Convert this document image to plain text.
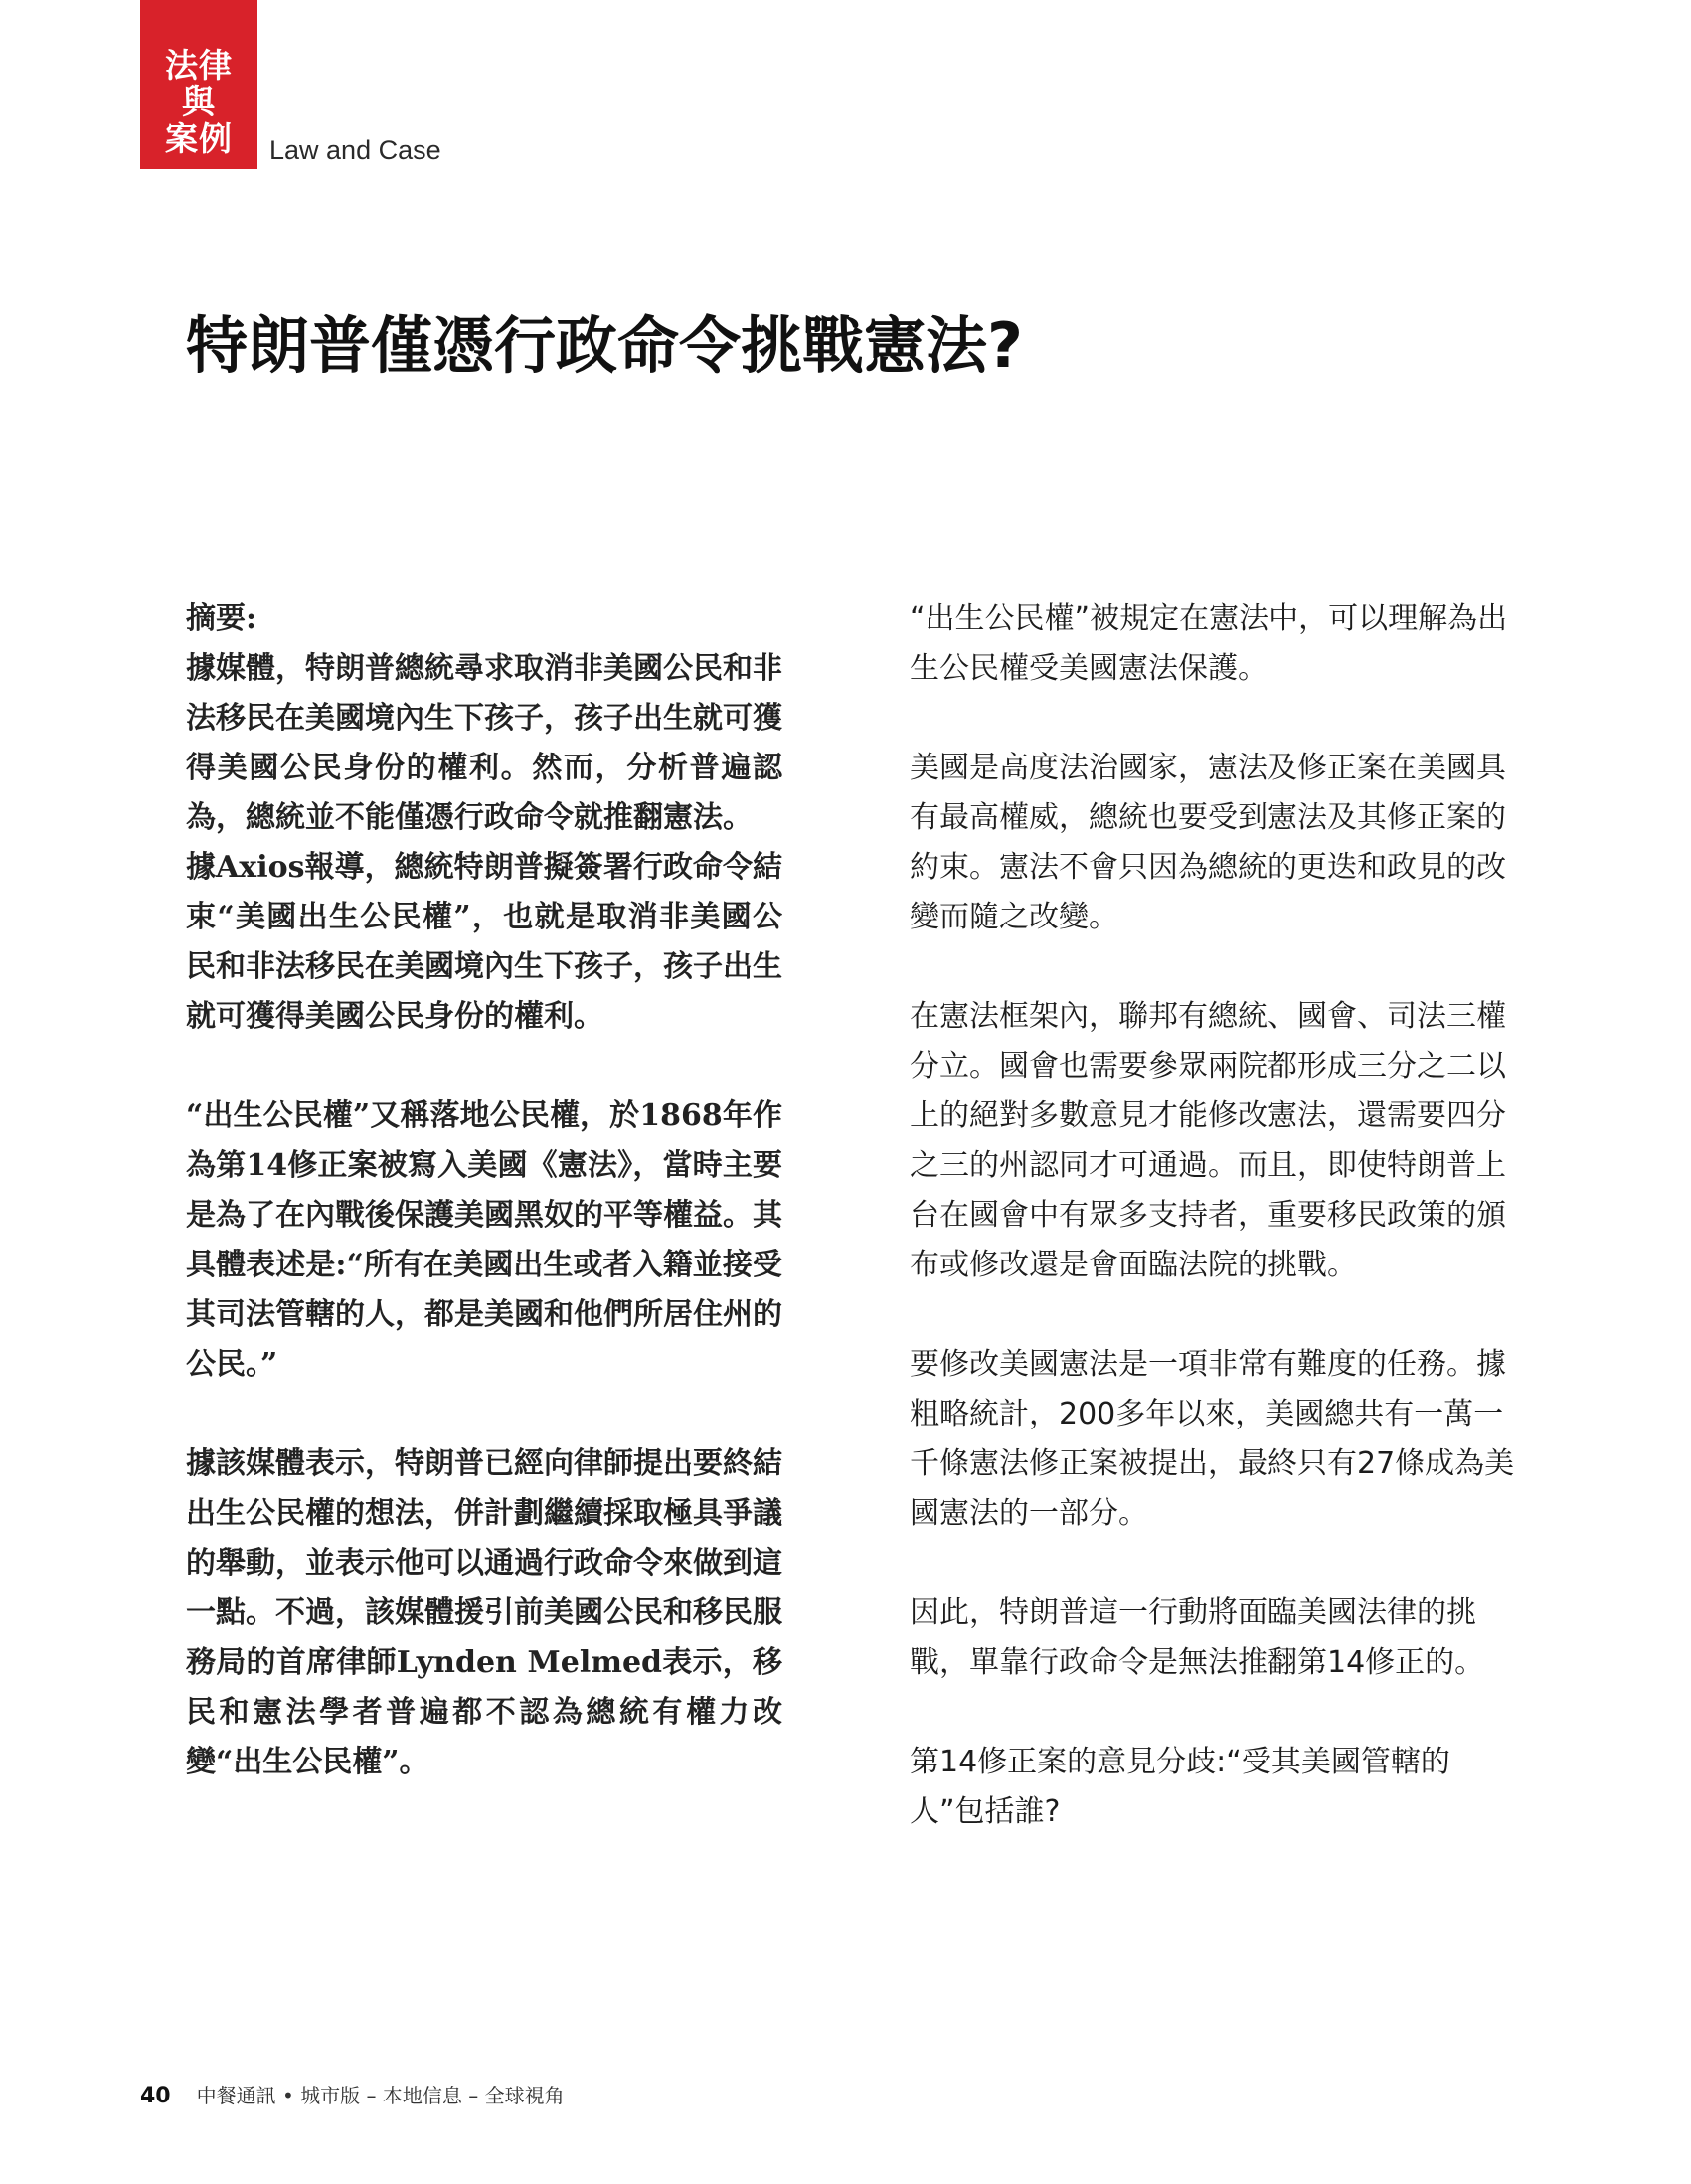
法律
與
案例 Law and Case
特朗普僅憑行政命令挑戰憲法?

摘要:

據媒體，特朗普總統尋求取消非美國公民和非法移民在美國境內生下孩子，孩子出生就可獲得美國公民身份的權利。然而，分析普遍認為，總統並不能僅憑行政命令就推翻憲法。

據Axios報導，總統特朗普擬簽署行政命令結束“美國出生公民權”，也就是取消非美國公民和非法移民在美國境內生下孩子，孩子出生就可獲得美國公民身份的權利。

“出生公民權”又稱落地公民權，於1868年作為第14修正案被寫入美國《憲法》，當時主要是為了在內戰後保護美國黑奴的平等權益。其具體表述是:“所有在美國出生或者入籍並接受其司法管轄的人，都是美國和他們所居住州的公民。”

據該媒體表示，特朗普已經向律師提出要終結出生公民權的想法，併計劃繼續採取極具爭議的舉動，並表示他可以通過行政命令來做到這一點。不過，該媒體援引前美國公民和移民服務局的首席律師Lynden Melmed表示，移民和憲法學者普遍都不認為總統有權力改變“出生公民權”。

“出生公民權”被規定在憲法中，可以理解為出生公民權受美國憲法保護。

美國是高度法治國家，憲法及修正案在美國具有最高權威，總統也要受到憲法及其修正案的約束。憲法不會只因為總統的更迭和政見的改變而隨之改變。

在憲法框架內，聯邦有總統、國會、司法三權分立。國會也需要參眾兩院都形成三分之二以上的絕對多數意見才能修改憲法，還需要四分之三的州認同才可通過。而且，即使特朗普上台在國會中有眾多支持者，重要移民政策的頒布或修改還是會面臨法院的挑戰。

要修改美國憲法是一項非常有難度的任務。據粗略統計，200多年以來，美國總共有一萬一千條憲法修正案被提出，最終只有27條成為美國憲法的一部分。

因此，特朗普這一行動將面臨美國法律的挑戰，單靠行政命令是無法推翻第14修正的。

第14修正案的意見分歧:“受其美國管轄的人”包括誰?

40 中餐通訊 • 城市版 – 本地信息 – 全球視角
